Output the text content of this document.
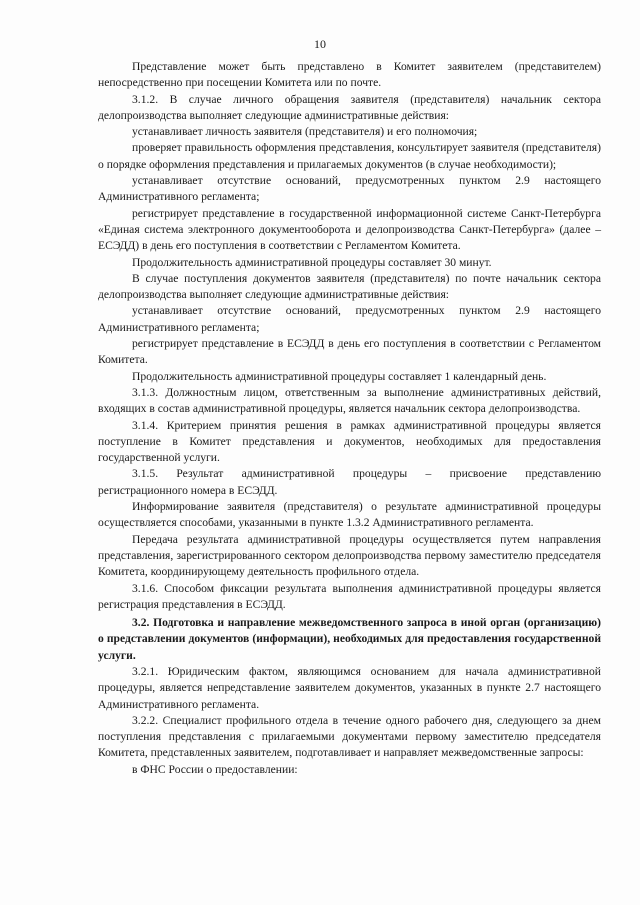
10

Представление может быть представлено в Комитет заявителем (представителем) непосредственно при посещении Комитета или по почте.

3.1.2. В случае личного обращения заявителя (представителя) начальник сектора делопроизводства выполняет следующие административные действия:

устанавливает личность заявителя (представителя) и его полномочия;

проверяет правильность оформления представления, консультирует заявителя (представителя) о порядке оформления представления и прилагаемых документов (в случае необходимости);

устанавливает отсутствие оснований, предусмотренных пунктом 2.9 настоящего Административного регламента;

регистрирует представление в государственной информационной системе Санкт-Петербурга «Единая система электронного документооборота и делопроизводства Санкт-Петербурга» (далее – ЕСЭДД) в день его поступления в соответствии с Регламентом Комитета.

Продолжительность административной процедуры составляет 30 минут.

В случае поступления документов заявителя (представителя) по почте начальник сектора делопроизводства выполняет следующие административные действия:

устанавливает отсутствие оснований, предусмотренных пунктом 2.9 настоящего Административного регламента;

регистрирует представление в ЕСЭДД в день его поступления в соответствии с Регламентом Комитета.

Продолжительность административной процедуры составляет 1 календарный день.

3.1.3. Должностным лицом, ответственным за выполнение административных действий, входящих в состав административной процедуры, является начальник сектора делопроизводства.

3.1.4. Критерием принятия решения в рамках административной процедуры является поступление в Комитет представления и документов, необходимых для предоставления государственной услуги.

3.1.5. Результат административной процедуры – присвоение представлению регистрационного номера в ЕСЭДД.

Информирование заявителя (представителя) о результате административной процедуры осуществляется способами, указанными в пункте 1.3.2 Административного регламента.

Передача результата административной процедуры осуществляется путем направления представления, зарегистрированного сектором делопроизводства первому заместителю председателя Комитета, координирующему деятельность профильного отдела.

3.1.6. Способом фиксации результата выполнения административной процедуры является регистрация представления в ЕСЭДД.

3.2. Подготовка и направление межведомственного запроса в иной орган (организацию) о представлении документов (информации), необходимых для предоставления государственной услуги.

3.2.1. Юридическим фактом, являющимся основанием для начала административной процедуры, является непредставление заявителем документов, указанных в пункте 2.7 настоящего Административного регламента.

3.2.2. Специалист профильного отдела в течение одного рабочего дня, следующего за днем поступления представления с прилагаемыми документами первому заместителю председателя Комитета, представленных заявителем, подготавливает и направляет межведомственные запросы:

в ФНС России о предоставлении:
